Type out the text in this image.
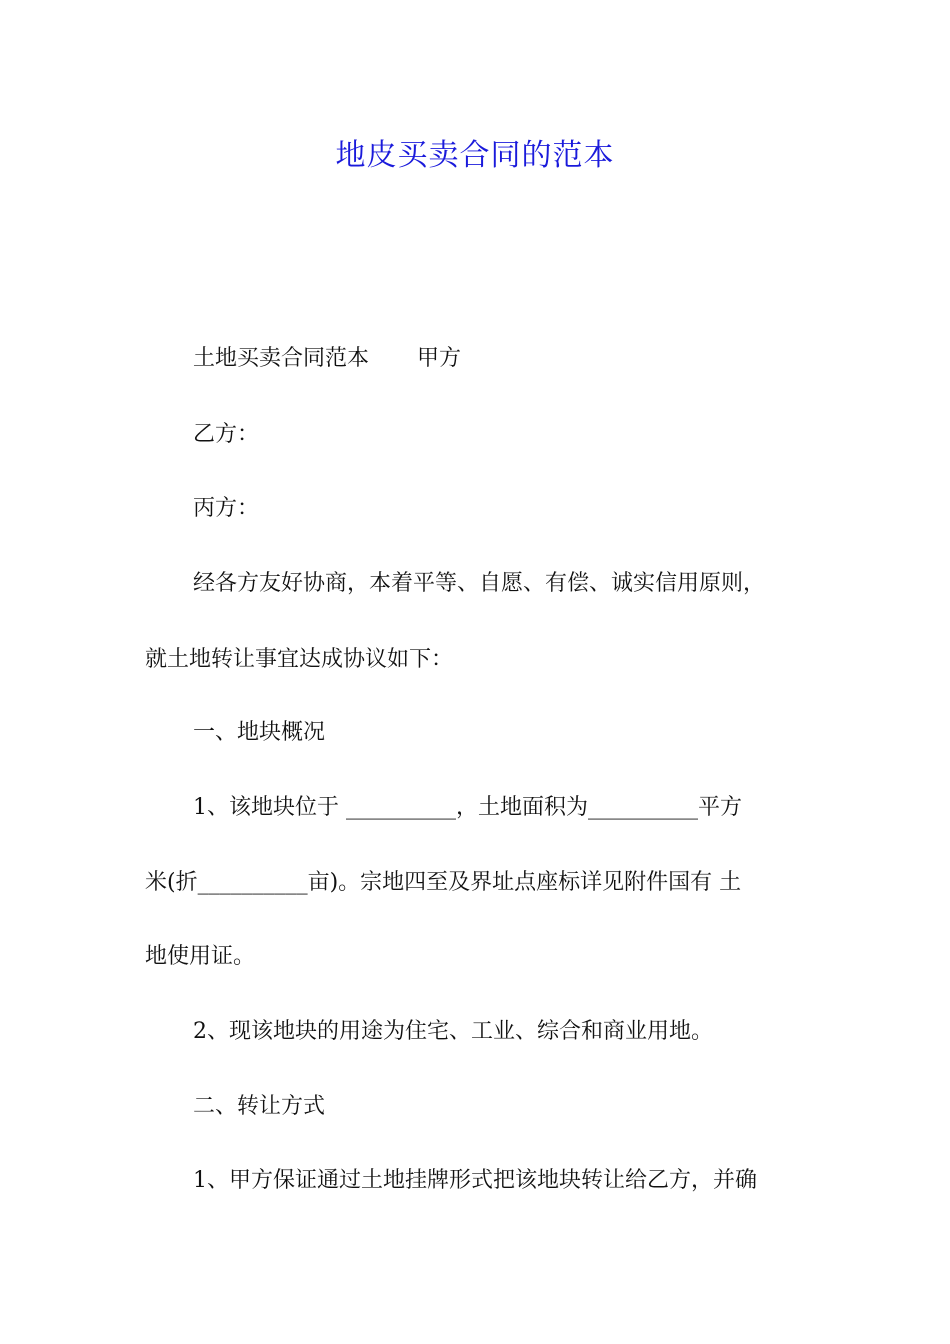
地皮买卖合同的范本

土地买卖合同范本 甲方

乙方：

丙方：

经各方友好协商，本着平等、自愿、有偿、诚实信用原则，

就土地转让事宜达成协议如下：

一、地块概况

1、该地块位于 __________，土地面积为__________平方

米(折__________亩)。宗地四至及界址点座标详见附件国有 土

地使用证。

2、现该地块的用途为住宅、工业、综合和商业用地。

二、转让方式

1、甲方保证通过土地挂牌形式把该地块转让给乙方，并确
